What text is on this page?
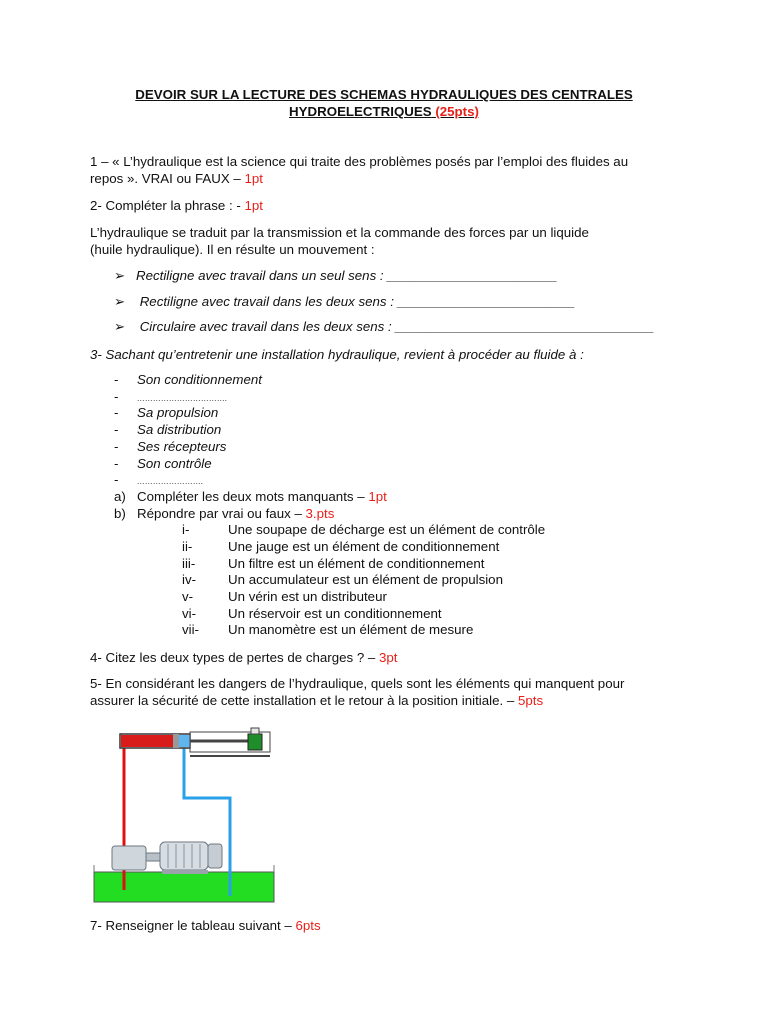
DEVOIR SUR LA LECTURE DES SCHEMAS HYDRAULIQUES DES CENTRALES
HYDROELECTRIQUES (25pts)
1 – « L’hydraulique est la science qui traite des problèmes posés par l’emploi des fluides au
repos ». VRAI ou FAUX – 1pt
2- Compléter la phrase : - 1pt
L’hydraulique se traduit par la transmission et la commande des forces par un liquide
(huile hydraulique). Il en résulte un mouvement :
➢ Rectiligne avec travail dans un seul sens : _______________________
➢ Rectiligne avec travail dans les deux sens : ________________________
➢ Circulaire avec travail dans les deux sens : ___________________________________
3- Sachant qu’entretenir une installation hydraulique, revient à procéder au fluide à :
- Son conditionnement
- …………………………….
- Sa propulsion
- Sa distribution
- Ses récepteurs
- Son contrôle
- …………………….
a) Compléter les deux mots manquants – 1pt
b) Répondre par vrai ou faux – 3.pts
i-	Une soupape de décharge est un élément de contrôle
ii-	Une jauge est un élément de conditionnement
iii- Un filtre est un élément de conditionnement
iv- Un accumulateur est un élément de propulsion
v-	Un vérin est un distributeur
vi- Un réservoir est un conditionnement
vii- Un manomètre est un élément de mesure
4- Citez les deux types de pertes de charges ? – 3pt
5- En considérant les dangers de l’hydraulique, quels sont les éléments qui manquent pour
assurer la sécurité de cette installation et le retour à la position initiale. – 5pts
7- Renseigner le tableau suivant – 6pts
